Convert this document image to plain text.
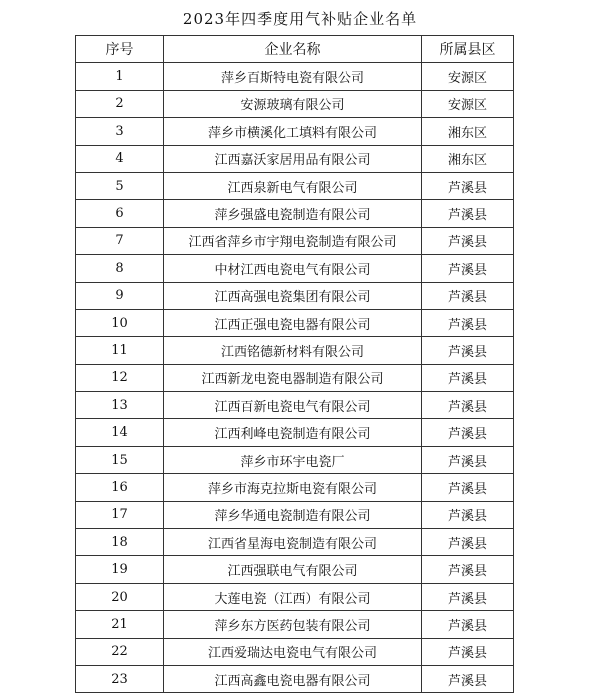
2023年四季度用气补贴企业名单
序号	企业名称	所属县区
1	萍乡百斯特电瓷有限公司	安源区
2	安源玻璃有限公司	安源区
3	萍乡市横溪化工填料有限公司	湘东区
4	江西嘉沃家居用品有限公司	湘东区
5	江西泉新电气有限公司	芦溪县
6	萍乡强盛电瓷制造有限公司	芦溪县
7	江西省萍乡市宇翔电瓷制造有限公司	芦溪县
8	中材江西电瓷电气有限公司	芦溪县
9	江西高强电瓷集团有限公司	芦溪县
10	江西正强电瓷电器有限公司	芦溪县
11	江西铭德新材料有限公司	芦溪县
12	江西新龙电瓷电器制造有限公司	芦溪县
13	江西百新电瓷电气有限公司	芦溪县
14	江西利峰电瓷制造有限公司	芦溪县
15	萍乡市环宇电瓷厂	芦溪县
16	萍乡市海克拉斯电瓷有限公司	芦溪县
17	萍乡华通电瓷制造有限公司	芦溪县
18	江西省星海电瓷制造有限公司	芦溪县
19	江西强联电气有限公司	芦溪县
20	大莲电瓷（江西）有限公司	芦溪县
21	萍乡东方医药包装有限公司	芦溪县
22	江西爱瑞达电瓷电气有限公司	芦溪县
23	江西高鑫电瓷电器有限公司	芦溪县
